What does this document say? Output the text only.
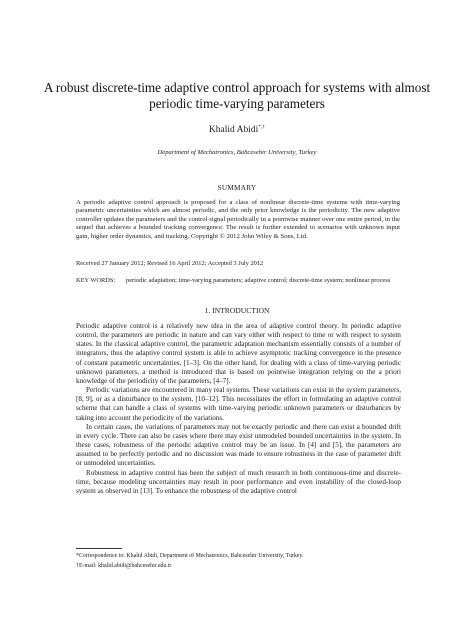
A robust discrete-time adaptive control approach for systems with almost periodic time-varying parameters
Khalid Abidi*,†
Department of Mechatronics, Bahcesehir University, Turkey
SUMMARY

A periodic adaptive control approach is proposed for a class of nonlinear discrete-time systems with time-varying parametric uncertainties which are almost periodic, and the only prior knowledge is the periodicity. The new adaptive controller updates the parameters and the control signal periodically in a pointwise manner over one entire period, in the sequel that achieves a bounded tracking convergence. The result is further extended to scenarios with unknown input gain, higher order dynamics, and tracking. Copyright © 2012 John Wiley & Sons, Ltd.

Received 27 January 2012; Revised 16 April 2012; Accepted 3 July 2012
KEY WORDS:	periodic adaptation; time-varying parameters; adaptive control; discrete-time system; nonlinear process
1. INTRODUCTION

Periodic adaptive control is a relatively new idea in the area of adaptive control theory. In periodic adaptive control, the parameters are periodic in nature and can vary either with respect to time or with respect to system states. In the classical adaptive control, the parametric adaptation mechanism essentially consists of a number of integrators, thus the adaptive control system is able to achieve asymptotic tracking convergence in the presence of constant parametric uncertainties, [1–3]. On the other hand, for dealing with a class of time-varying periodic unknown parameters, a method is introduced that is based on pointwise integration relying on the a priori knowledge of the periodicity of the parameters, [4–7].

Periodic variations are encountered in many real systems. These variations can exist in the system parameters, [8, 9], or as a disturbance to the system, [10–12]. This necessitates the effort in formulating an adaptive control scheme that can handle a class of systems with time-varying periodic unknown parameters or disturbances by taking into account the periodicity of the variations.

In certain cases, the variations of parameters may not be exactly periodic and there can exist a bounded drift in every cycle. There can also be cases where there may exist unmodeled bounded uncertainties in the system. In these cases, robustness of the periodic adaptive control may be an issue. In [4] and [5], the parameters are assumed to be perfectly periodic and no discussion was made to ensure robustness in the case of parameter drift or unmodeled uncertainties.

Robustness in adaptive control has been the subject of much research in both continuous-time and discrete-time, because modeling uncertainties may result in poor performance and even instability of the closed-loop system as observed in [13]. To enhance the robustness of the adaptive control

*Correspondence to: Khalid Abidi, Department of Mechatronics, Bahcesehir University, Turkey.
†E-mail: khalid.abidi@bahcesehir.edu.tr
